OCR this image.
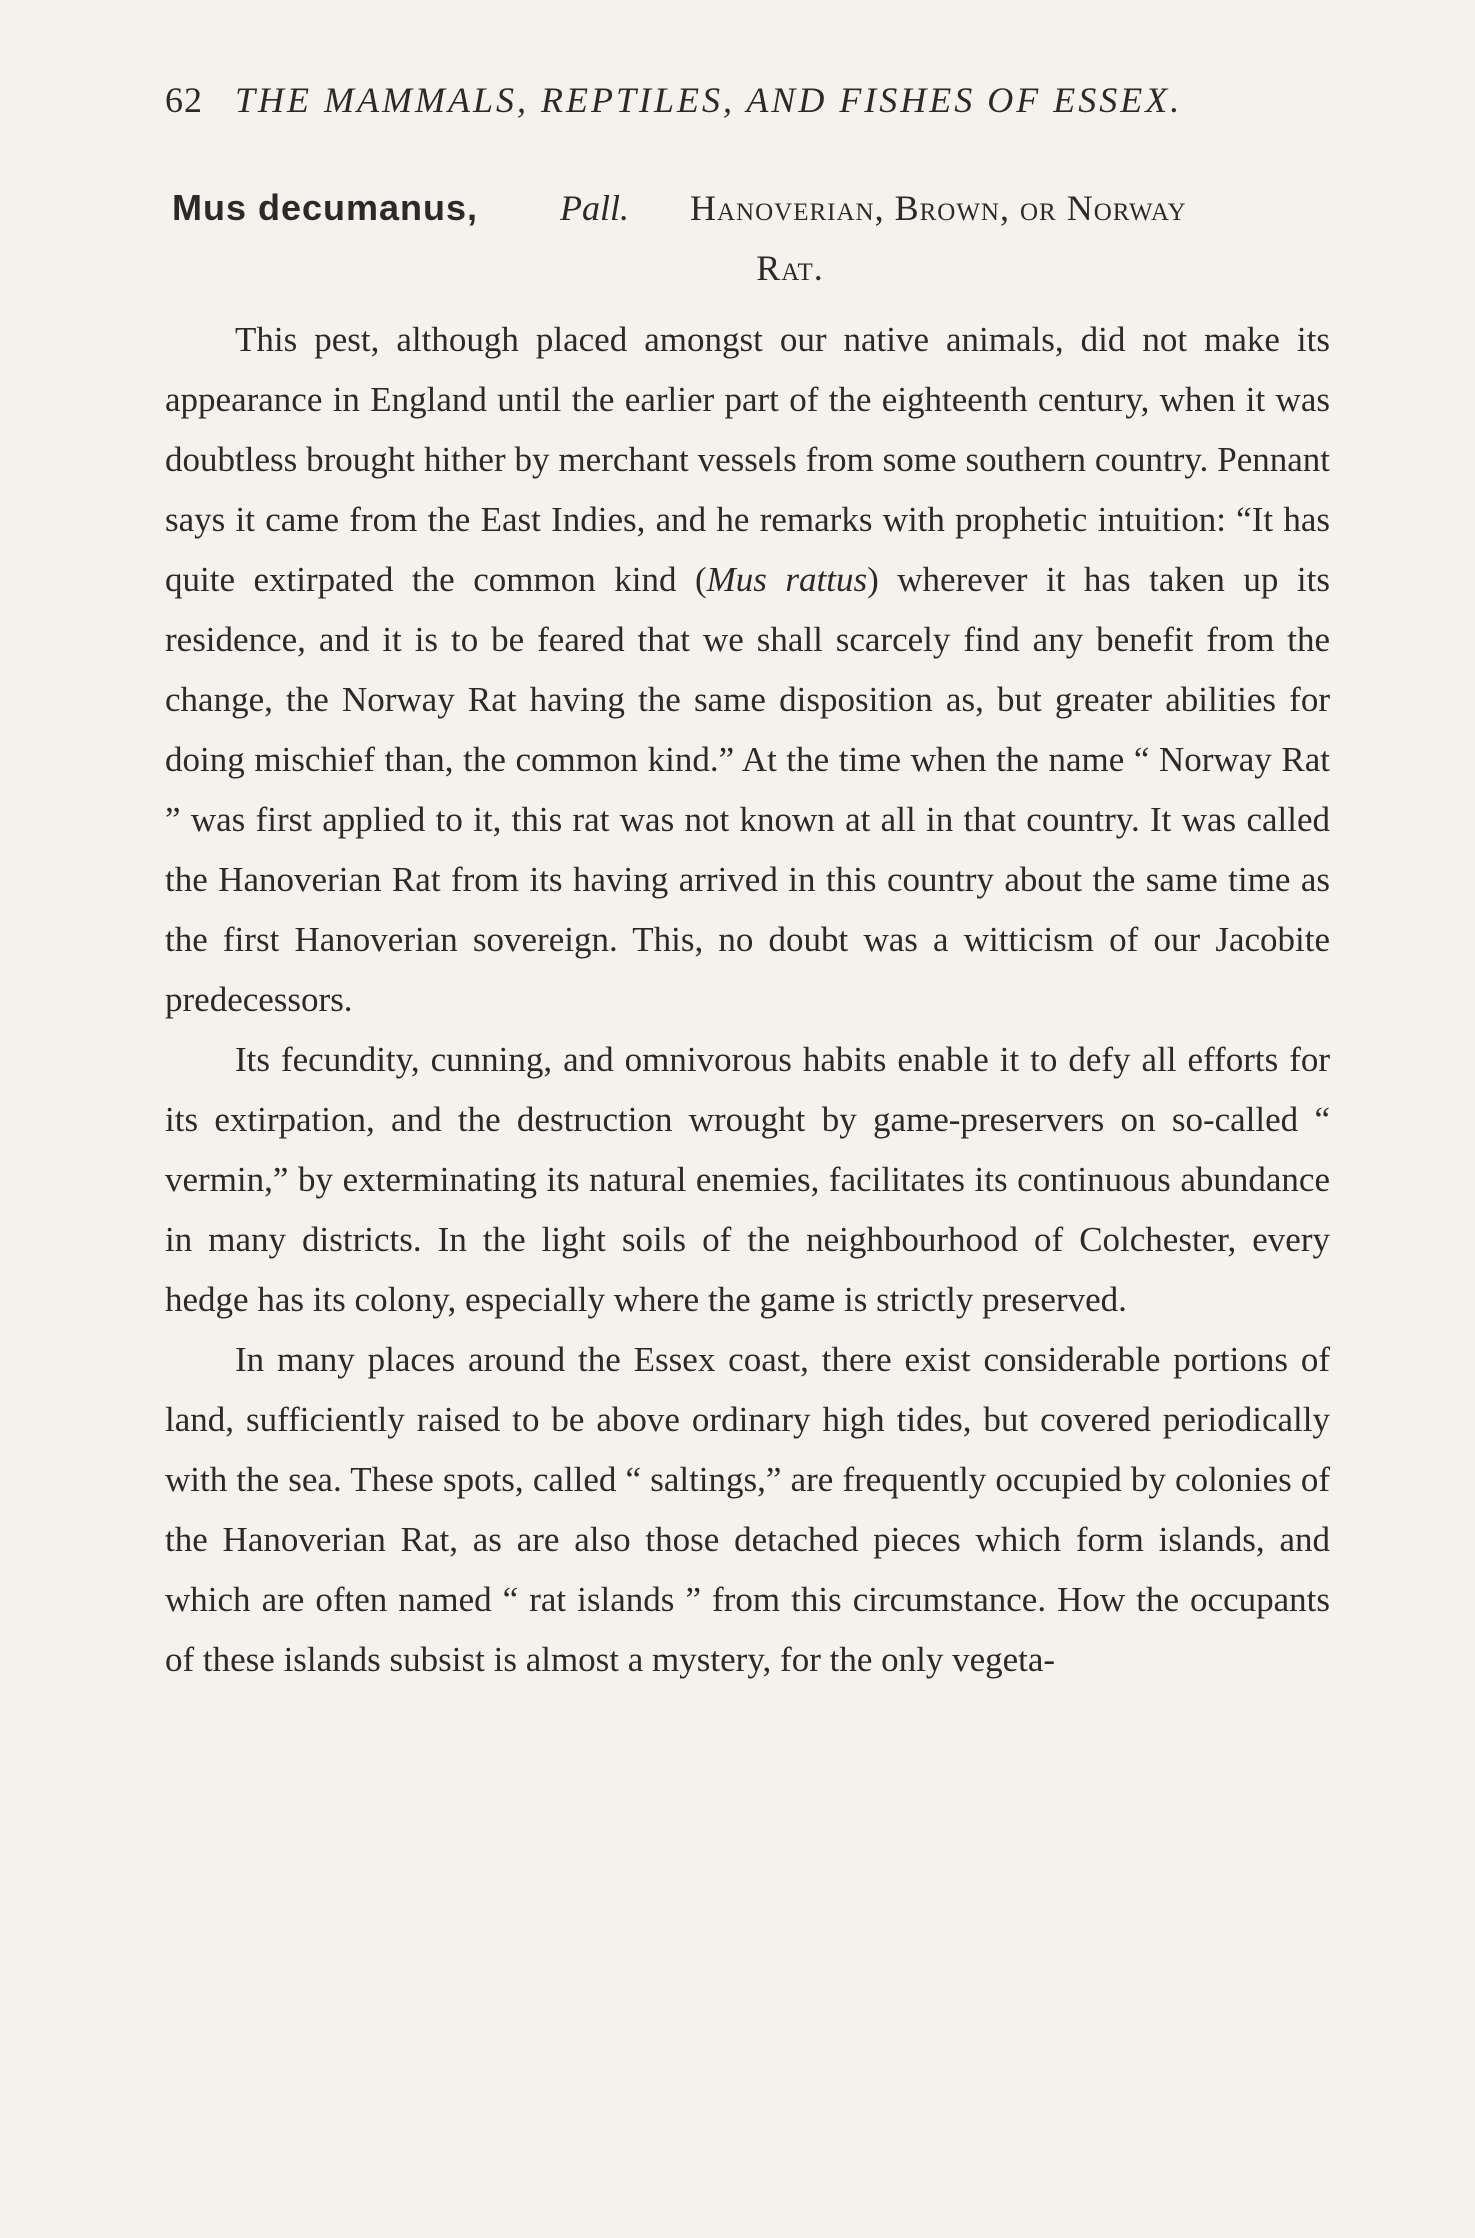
62 THE MAMMALS, REPTILES, AND FISHES OF ESSEX.
Mus decumanus, Pall. Hanoverian, Brown, or Norway
Rat.

This pest, although placed amongst our native animals, did not make its appearance in England until the earlier part of the eighteenth century, when it was doubtless brought hither by merchant vessels from some southern country. Pennant says it came from the East Indies, and he remarks with prophetic intuition: “It has quite extirpated the common kind (Mus rattus) wherever it has taken up its residence, and it is to be feared that we shall scarcely find any benefit from the change, the Norway Rat having the same disposition as, but greater abilities for doing mischief than, the common kind.” At the time when the name “ Norway Rat ” was first applied to it, this rat was not known at all in that country. It was called the Hanoverian Rat from its having arrived in this country about the same time as the first Hanoverian sovereign. This, no doubt was a witticism of our Jacobite predecessors.

Its fecundity, cunning, and omnivorous habits enable it to defy all efforts for its extirpation, and the destruction wrought by game-preservers on so-called “ vermin,” by exterminating its natural enemies, facilitates its continuous abundance in many districts. In the light soils of the neighbourhood of Colchester, every hedge has its colony, especially where the game is strictly preserved.

In many places around the Essex coast, there exist considerable portions of land, sufficiently raised to be above ordinary high tides, but covered periodically with the sea. These spots, called “ saltings,” are frequently occupied by colonies of the Hanoverian Rat, as are also those detached pieces which form islands, and which are often named “ rat islands ” from this circumstance. How the occupants of these islands subsist is almost a mystery, for the only vegeta-
